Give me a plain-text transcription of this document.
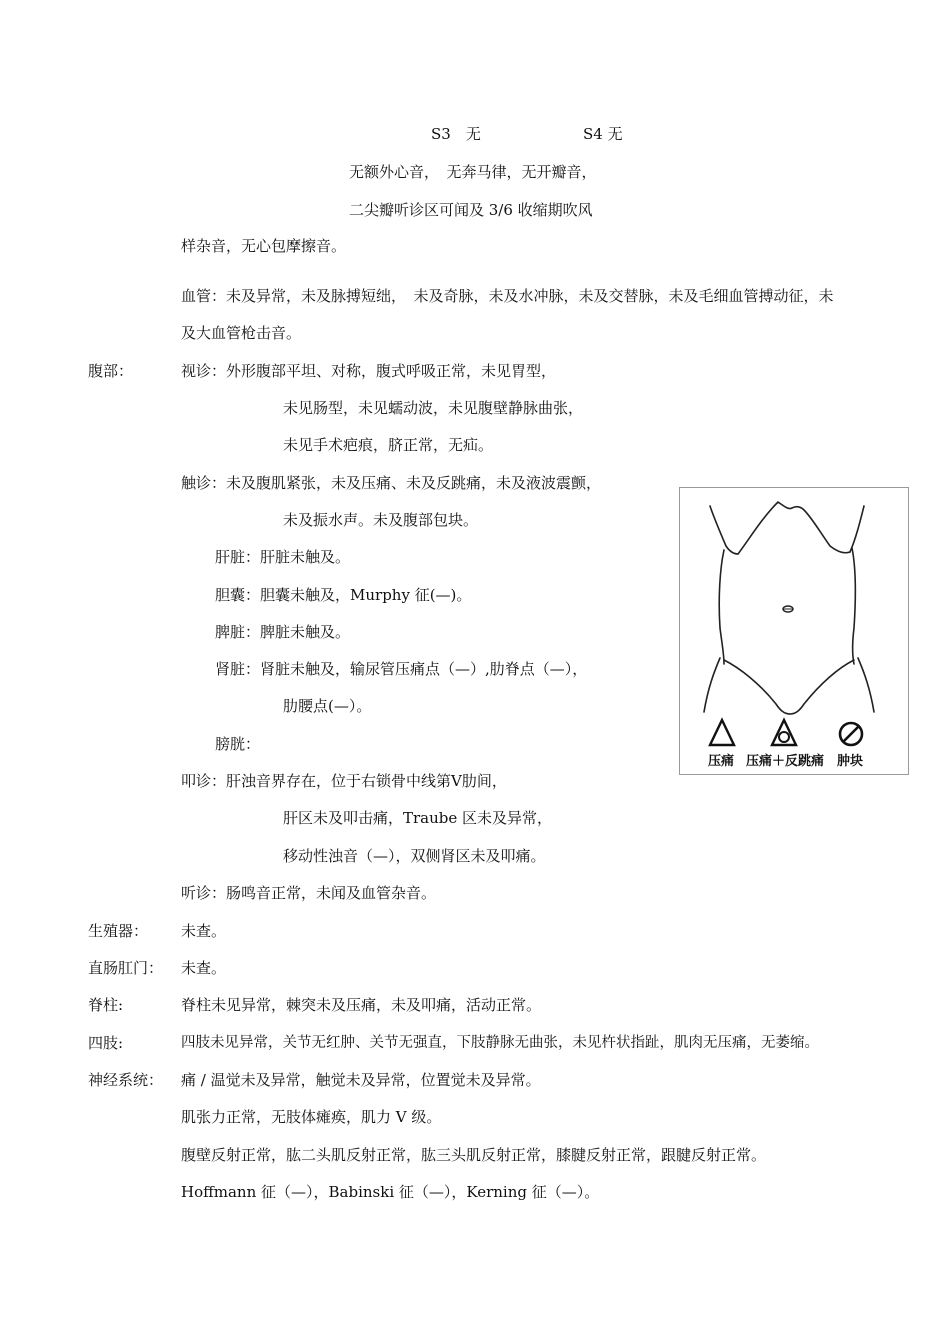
S3　无	S4 无
无额外心音，　无奔马律，无开瓣音，
二尖瓣听诊区可闻及 3/6 收缩期吹风
样杂音，无心包摩擦音。
血管：未及异常，未及脉搏短绌，　未及奇脉，未及水冲脉，未及交替脉，未及毛细血管搏动征，未
及大血管枪击音。
腹部：	视诊：外形腹部平坦、对称，腹式呼吸正常，未见胃型，
未见肠型，未见蠕动波，未见腹壁静脉曲张，
未见手术疤痕，脐正常，无疝。
触诊：未及腹肌紧张，未及压痛、未及反跳痛，未及液波震颤，
未及振水声。未及腹部包块。
肝脏：肝脏未触及。
胆囊：胆囊未触及，Murphy 征(—)。
脾脏：脾脏未触及。
肾脏：肾脏未触及，输尿管压痛点（—）,肋脊点（—），
肋腰点(—）。
膀胱：
叩诊：肝浊音界存在，位于右锁骨中线第Ⅴ肋间，
肝区未及叩击痛，Traube 区未及异常，
移动性浊音（—），双侧肾区未及叩痛。
听诊：肠鸣音正常，未闻及血管杂音。
压痛 压痛＋反跳痛 肿块
生殖器： 未查。
直肠肛门： 未查。
脊柱:	脊柱未见异常，棘突未及压痛，未及叩痛，活动正常。
四肢:	四肢未见异常，关节无红肿、关节无强直，下肢静脉无曲张，未见杵状指趾，肌肉无压痛，无萎缩。
神经系统： 痛 / 温觉未及异常，触觉未及异常，位置觉未及异常。
肌张力正常，无肢体瘫痪，肌力 Ⅴ 级。
腹壁反射正常，肱二头肌反射正常，肱三头肌反射正常，膝腱反射正常，跟腱反射正常。
Hoffmann 征（—），Babinski 征（—），Kerning 征（—）。
